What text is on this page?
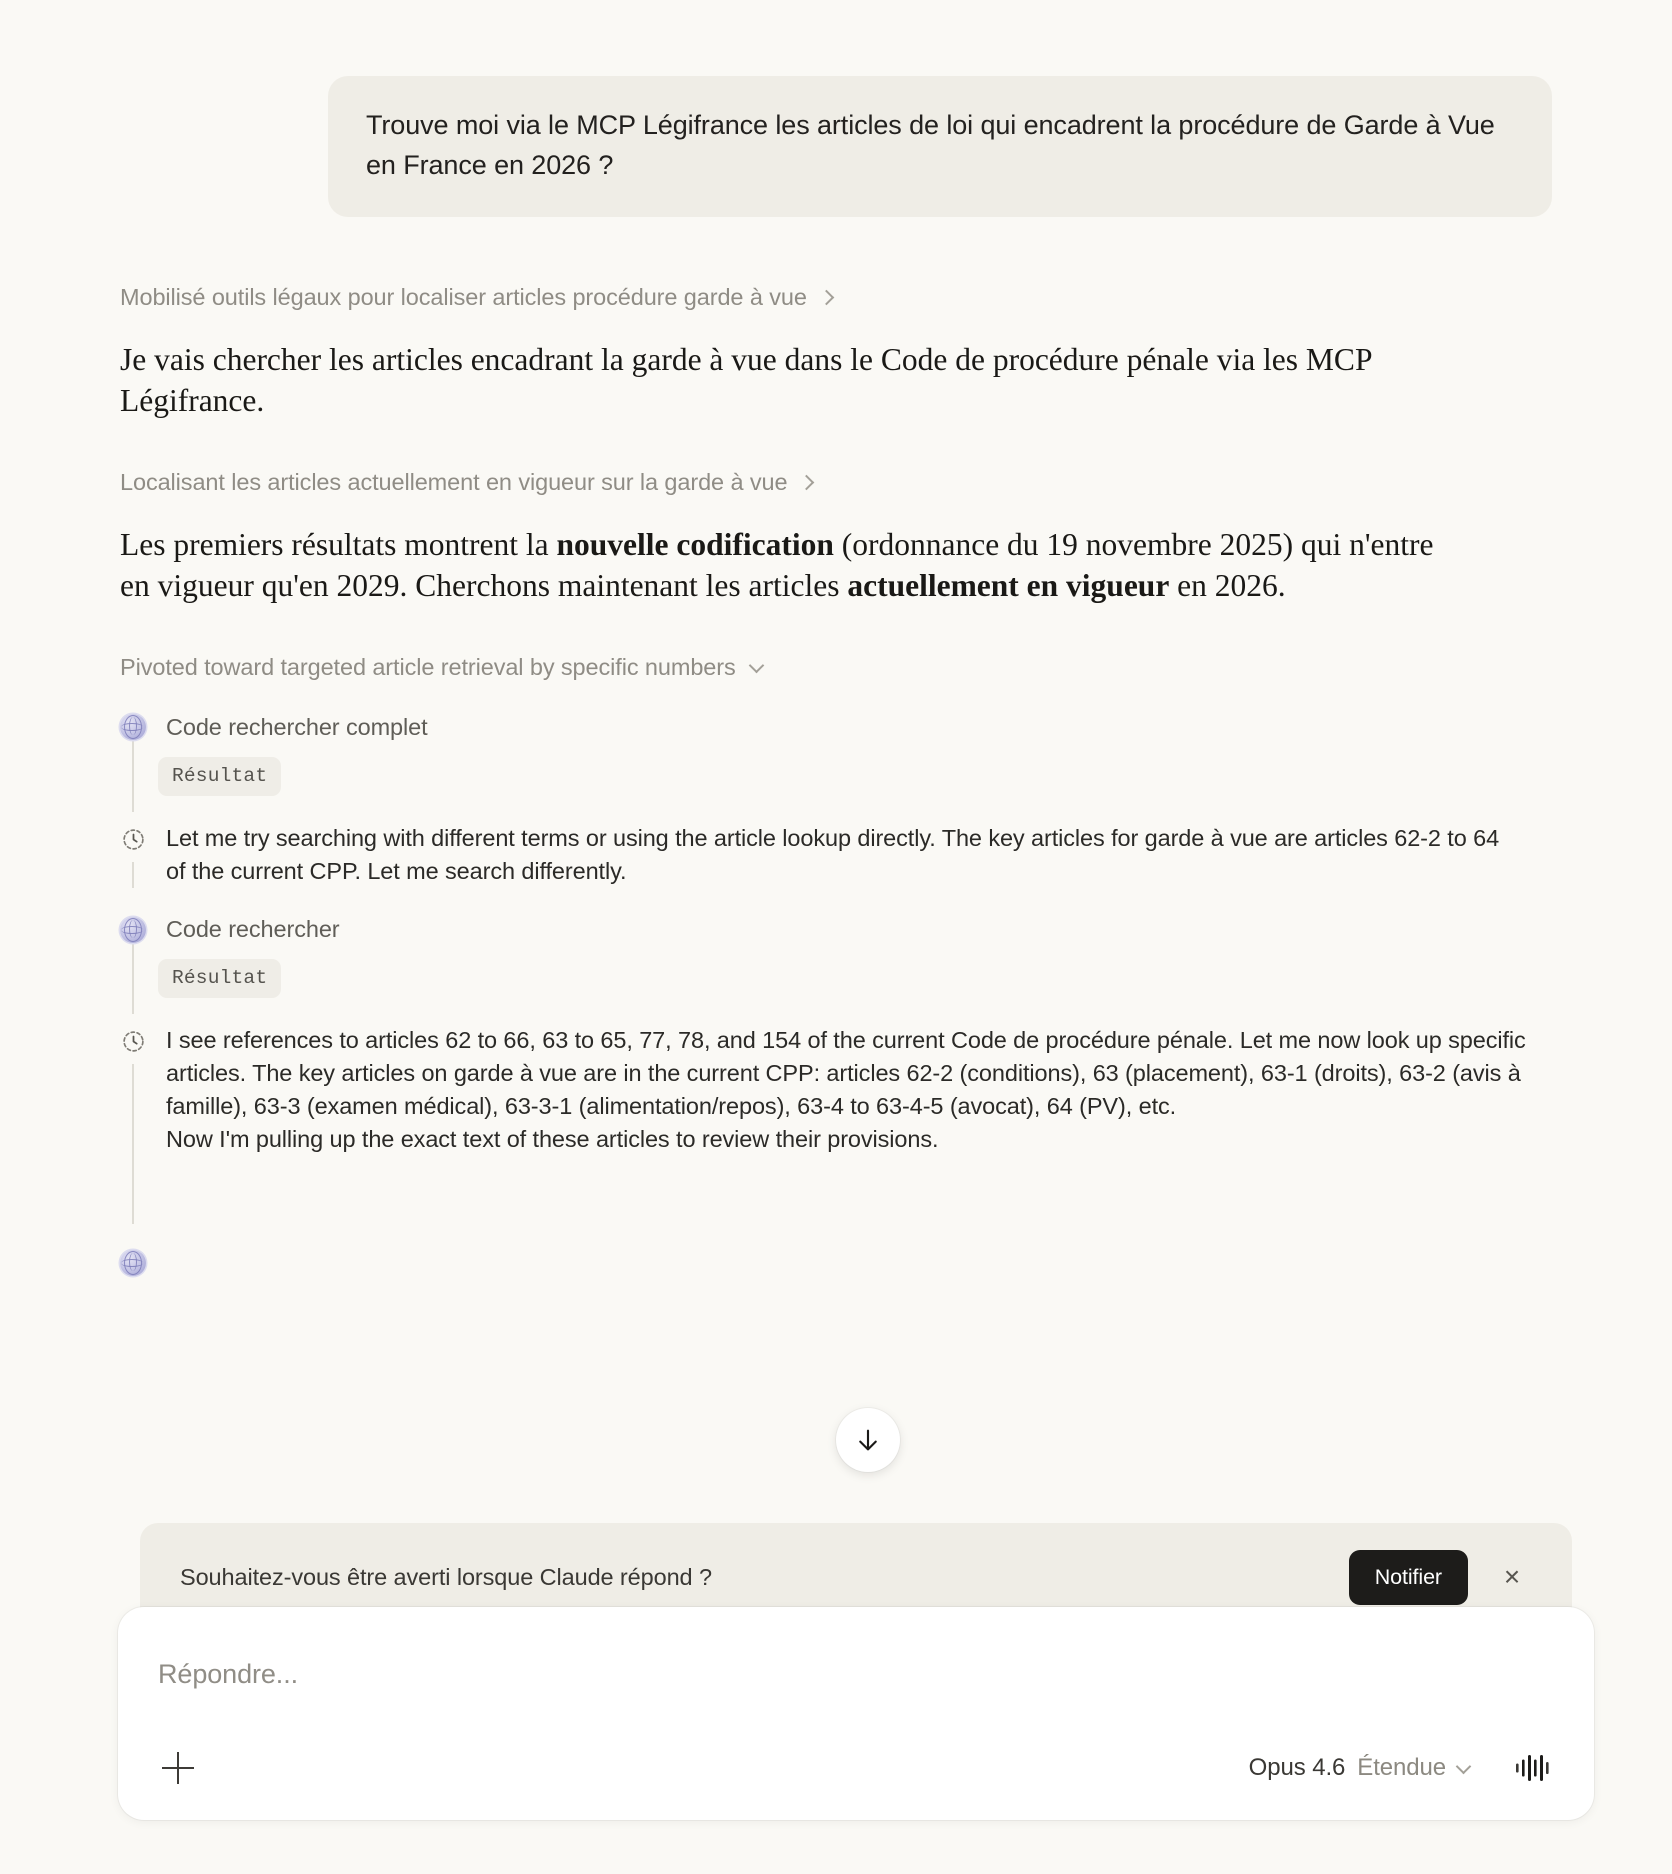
Trouve moi via le MCP Légifrance les articles de loi qui encadrent la procédure de Garde à Vue en France en 2026 ?

Mobilisé outils légaux pour localiser articles procédure garde à vue
Je vais chercher les articles encadrant la garde à vue dans le Code de procédure pénale via les MCP Légifrance.
Localisant les articles actuellement en vigueur sur la garde à vue
Les premiers résultats montrent la nouvelle codification (ordonnance du 19 novembre 2025) qui n'entre en vigueur qu'en 2029. Cherchons maintenant les articles actuellement en vigueur en 2026.
Pivoted toward targeted article retrieval by specific numbers
Code rechercher complet
Résultat
Let me try searching with different terms or using the article lookup directly. The key articles for garde à vue are articles 62-2 to 64 of the current CPP. Let me search differently.
Code rechercher
Résultat
I see references to articles 62 to 66, 63 to 65, 77, 78, and 154 of the current Code de procédure pénale. Let me now look up specific articles. The key articles on garde à vue are in the current CPP: articles 62-2 (conditions), 63 (placement), 63-1 (droits), 63-2 (avis à famille), 63-3 (examen médical), 63-3-1 (alimentation/repos), 63-4 to 63-4-5 (avocat), 64 (PV), etc.
Now I'm pulling up the exact text of these articles to review their provisions.
Souhaitez-vous être averti lorsque Claude répond ?	Notifier	×
Répondre...
Opus 4.6 Étendue
